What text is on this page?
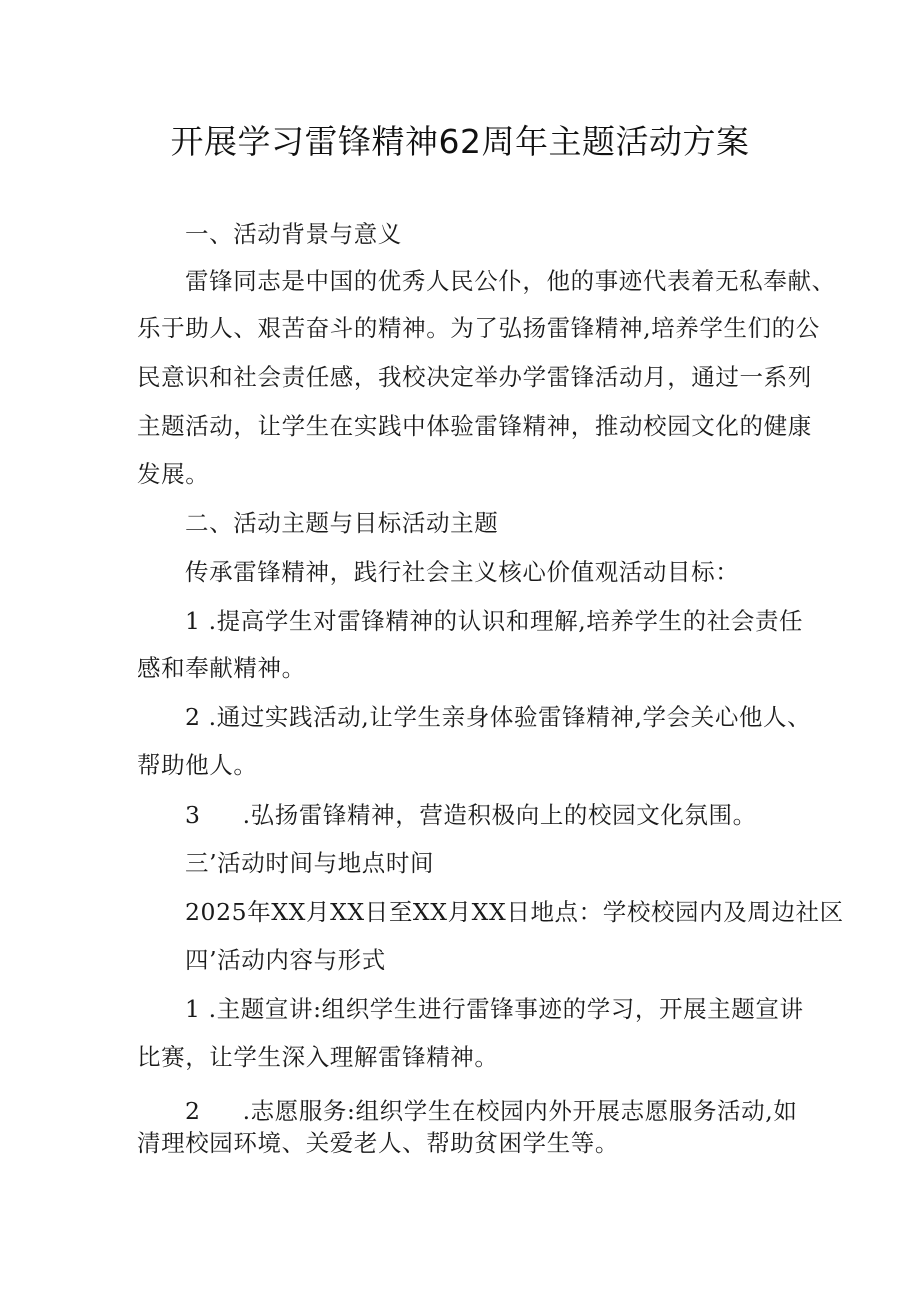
开展学习雷锋精神62周年主题活动方案
一、活动背景与意义
雷锋同志是中国的优秀人民公仆，他的事迹代表着无私奉献、
乐于助人、艰苦奋斗的精神。为了弘扬雷锋精神,培养学生们的公
民意识和社会责任感，我校决定举办学雷锋活动月，通过一系列
主题活动，让学生在实践中体验雷锋精神，推动校园文化的健康
发展。
二、活动主题与目标活动主题
传承雷锋精神，践行社会主义核心价值观活动目标：
1 .提高学生对雷锋精神的认识和理解,培养学生的社会责任
感和奉献精神。
2 .通过实践活动,让学生亲身体验雷锋精神,学会关心他人、
帮助他人。
3 .弘扬雷锋精神，营造积极向上的校园文化氛围。
三’活动时间与地点时间
2025年XX月XX日至XX月XX日地点：学校校园内及周边社区
四’活动内容与形式
1 .主题宣讲:组织学生进行雷锋事迹的学习，开展主题宣讲
比赛，让学生深入理解雷锋精神。
2 .志愿服务:组织学生在校园内外开展志愿服务活动,如
清理校园环境、关爱老人、帮助贫困学生等。
